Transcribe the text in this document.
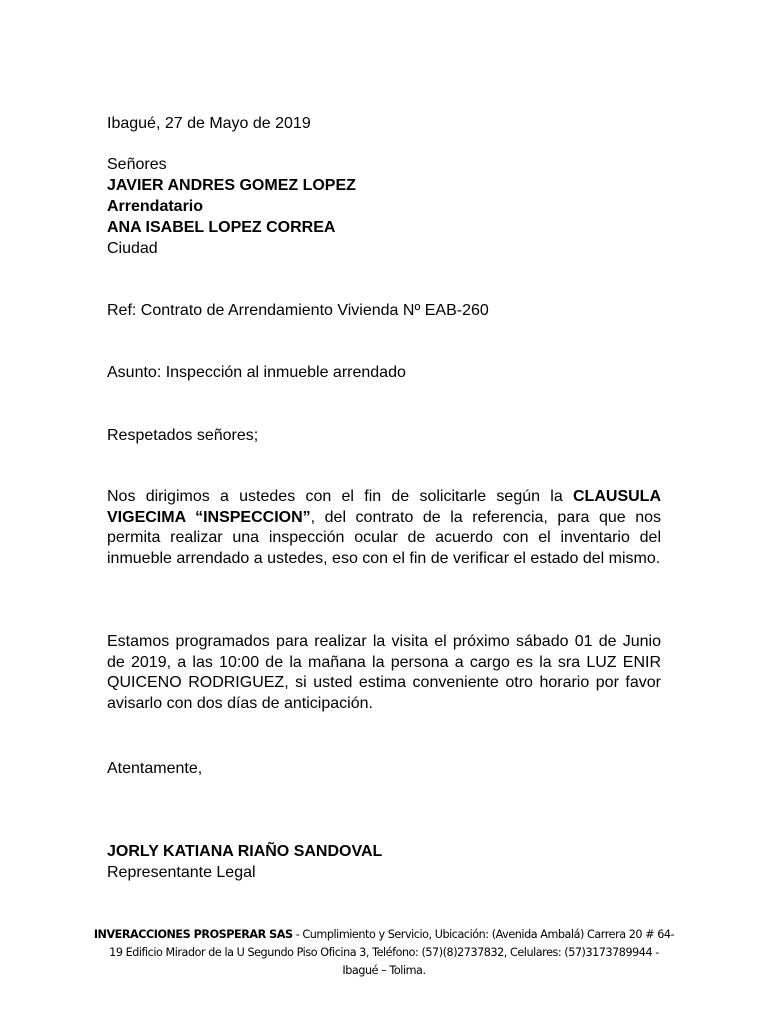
Ibagué, 27 de Mayo de 2019
Señores
JAVIER ANDRES GOMEZ LOPEZ
Arrendatario
ANA ISABEL LOPEZ CORREA
Ciudad
Ref: Contrato de Arrendamiento Vivienda Nº EAB-260
Asunto: Inspección al inmueble arrendado
Respetados señores;
Nos dirigimos a ustedes con el fin de solicitarle según la CLAUSULA VIGECIMA “INSPECCION”, del contrato de la referencia, para que nos permita realizar una inspección ocular de acuerdo con el inventario del inmueble arrendado a ustedes, eso con el fin de verificar el estado del mismo.
Estamos programados para realizar la visita el próximo sábado 01 de Junio de 2019, a las 10:00 de la mañana la persona a cargo es la sra LUZ ENIR QUICENO RODRIGUEZ, si usted estima conveniente otro horario por favor avisarlo con dos días de anticipación.
Atentamente,
JORLY KATIANA RIAÑO SANDOVAL
Representante Legal
INVERACCIONES PROSPERAR SAS - Cumplimiento y Servicio, Ubicación: (Avenida Ambalá) Carrera 20 # 64- 19 Edificio Mirador de la U Segundo Piso Oficina 3, Teléfono: (57)(8)2737832, Celulares: (57)3173789944 - Ibagué – Tolima.
